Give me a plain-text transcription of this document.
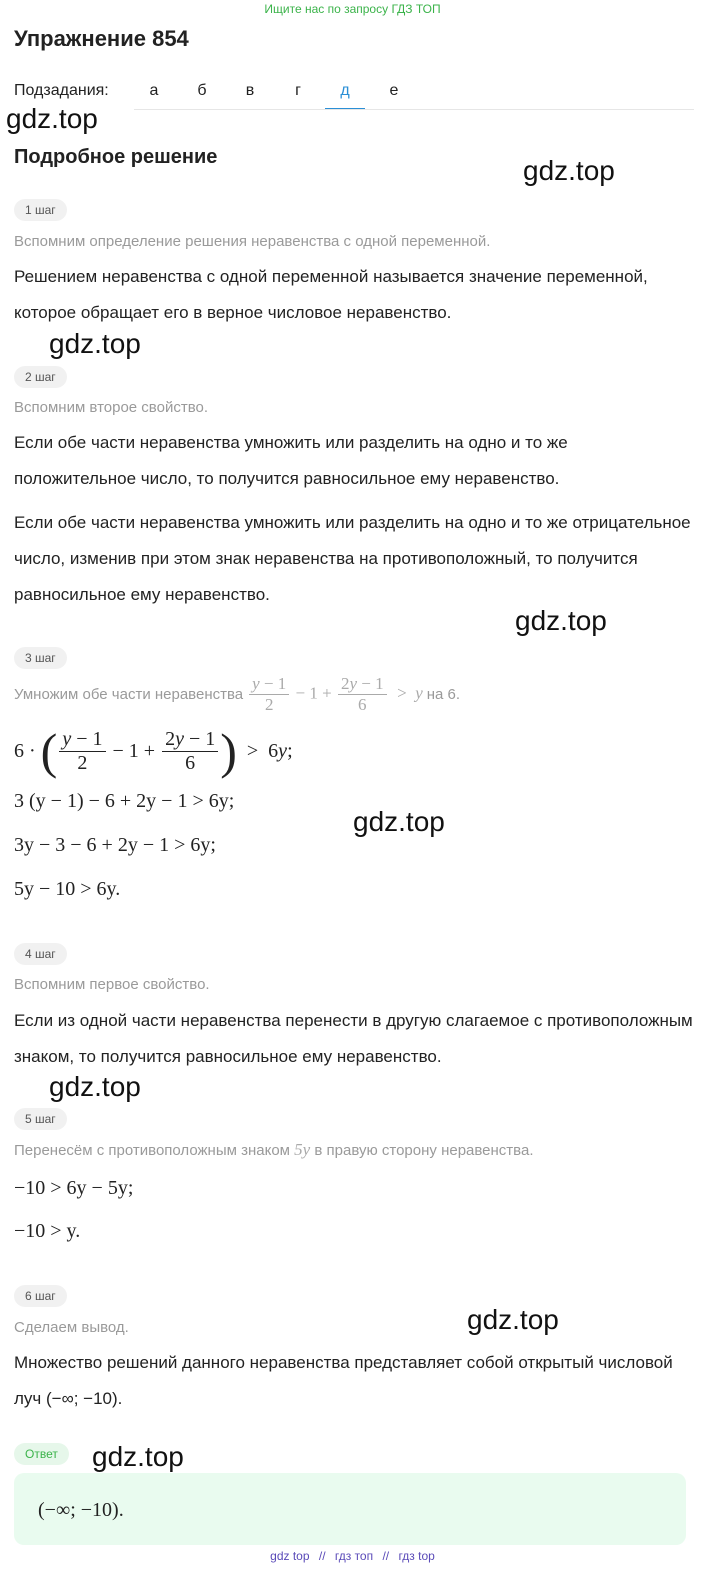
Ищите нас по запросу ГДЗ ТОП
Упражнение 854
Подзадания:	а	б	в	г	д	е
gdz.top
gdz.top
gdz.top
gdz.top
gdz.top
gdz.top
gdz.top
Подробное решение
1 шаг
Вспомним определение решения неравенства с одной переменной.
Решением неравенства с одной переменной называется значение переменной, которое обращает его в верное числовое неравенство.
2 шаг
Вспомним второе свойство.
Если обе части неравенства умножить или разделить на одно и то же положительное число, то получится равносильное ему неравенство.
Если обе части неравенства умножить или разделить на одно и то же отрицательное число, изменив при этом знак неравенства на противоположный, то получится равносильное ему неравенство.
3 шаг
Умножим обе части неравенства $\frac{y - 1}{2} - 1 + \frac{2y - 1}{6} > y$ на 6.
6 · ( $\frac{y - 1}{2} - 1 + \frac{2y - 1}{6}$ ) >  6y;
3 (y − 1) − 6 + 2y − 1 > 6y;
3y − 3 − 6 + 2y − 1 > 6y;
5y − 10 > 6y.
4 шаг
Вспомним первое свойство.
Если из одной части неравенства перенести в другую слагаемое с противоположным знаком, то получится равносильное ему неравенство.
5 шаг
Перенесём с противоположным знаком 5y в правую сторону неравенства.
−10 > 6y − 5y;
−10 > y.
6 шаг
Сделаем вывод.
Множество решений данного неравенства представляет собой открытый числовой луч (−∞; −10).
Ответ	gdz.top
(−∞; −10).
gdz top // гдз топ // гдз top
